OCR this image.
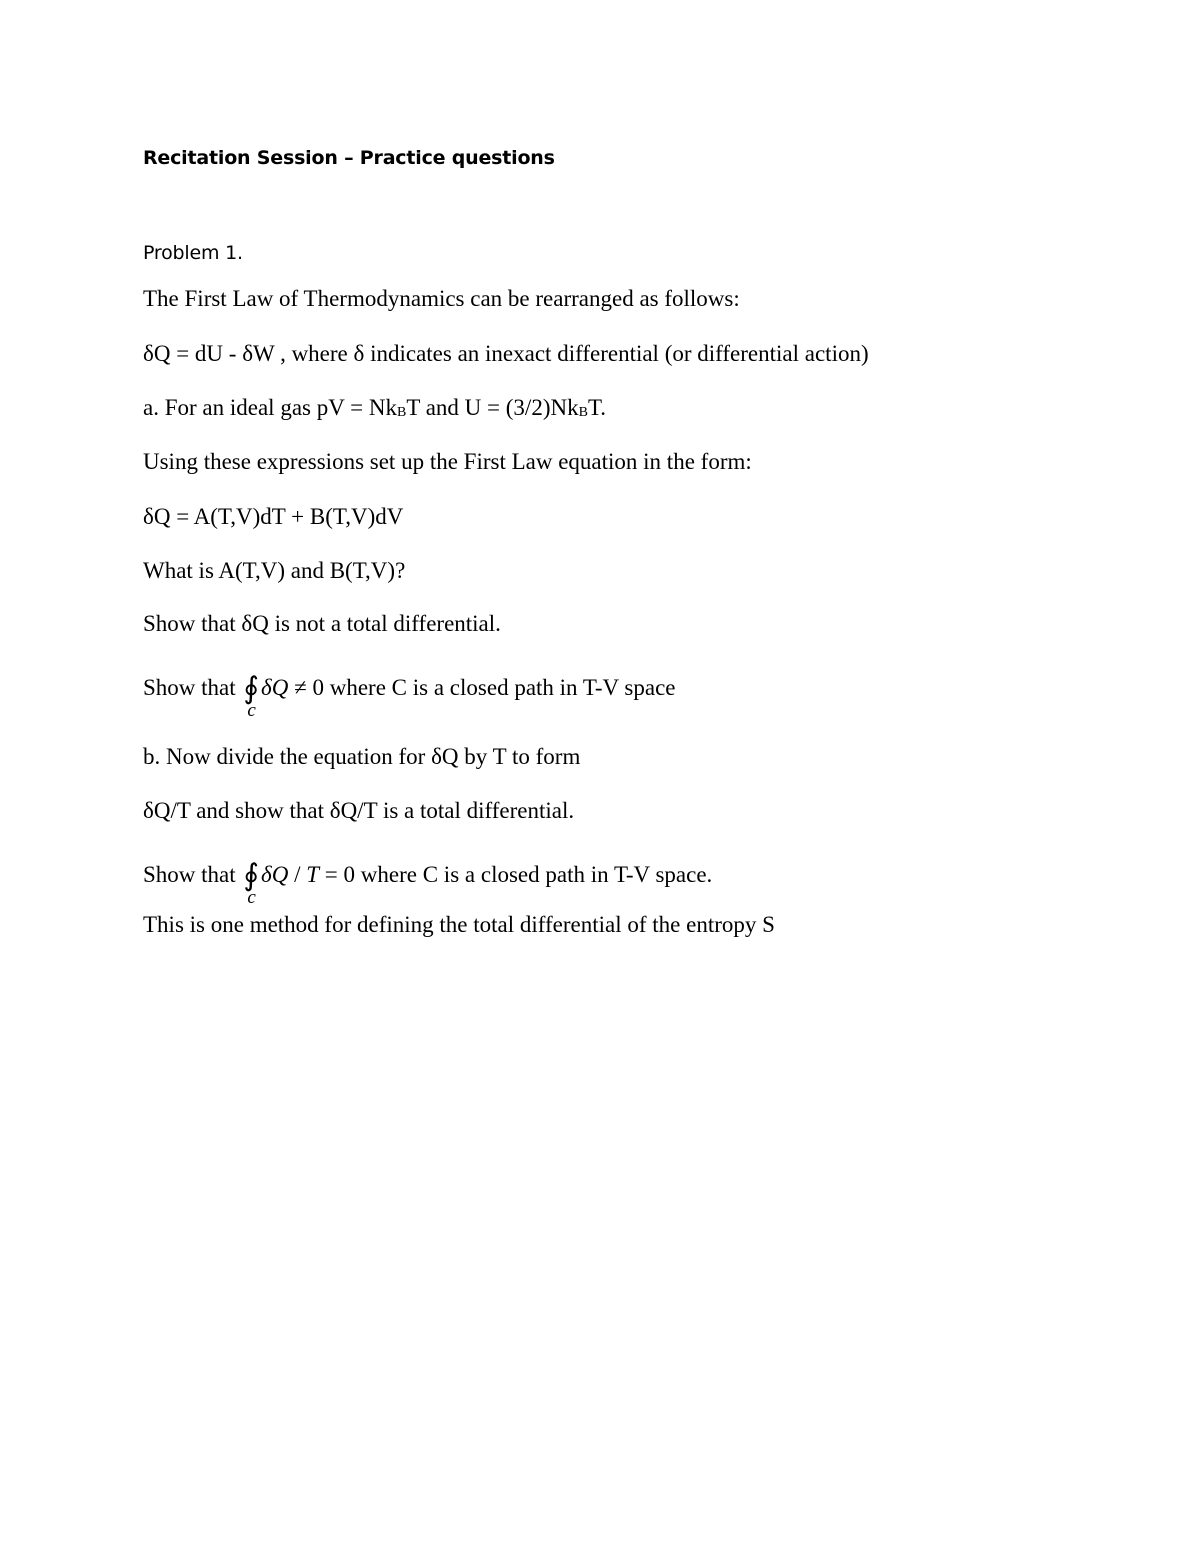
Recitation Session – Practice questions
Problem 1.
The First Law of Thermodynamics can be rearranged as follows:
δQ = dU - δW , where δ indicates an inexact differential (or differential action)
a. For an ideal gas pV = NkBT and U = (3/2)NkBT.
Using these expressions set up the First Law equation in the form:
δQ = A(T,V)dT + B(T,V)dV
What is A(T,V) and B(T,V)?
Show that δQ is not a total differential.
Show that ∮
c
δQ ≠ 0 where C is a closed path in T-V space
b. Now divide the equation for δQ by T to form
δQ/T and show that δQ/T is a total differential.
Show that ∮
c
δQ / T = 0 where C is a closed path in T-V space.
This is one method for defining the total differential of the entropy S
